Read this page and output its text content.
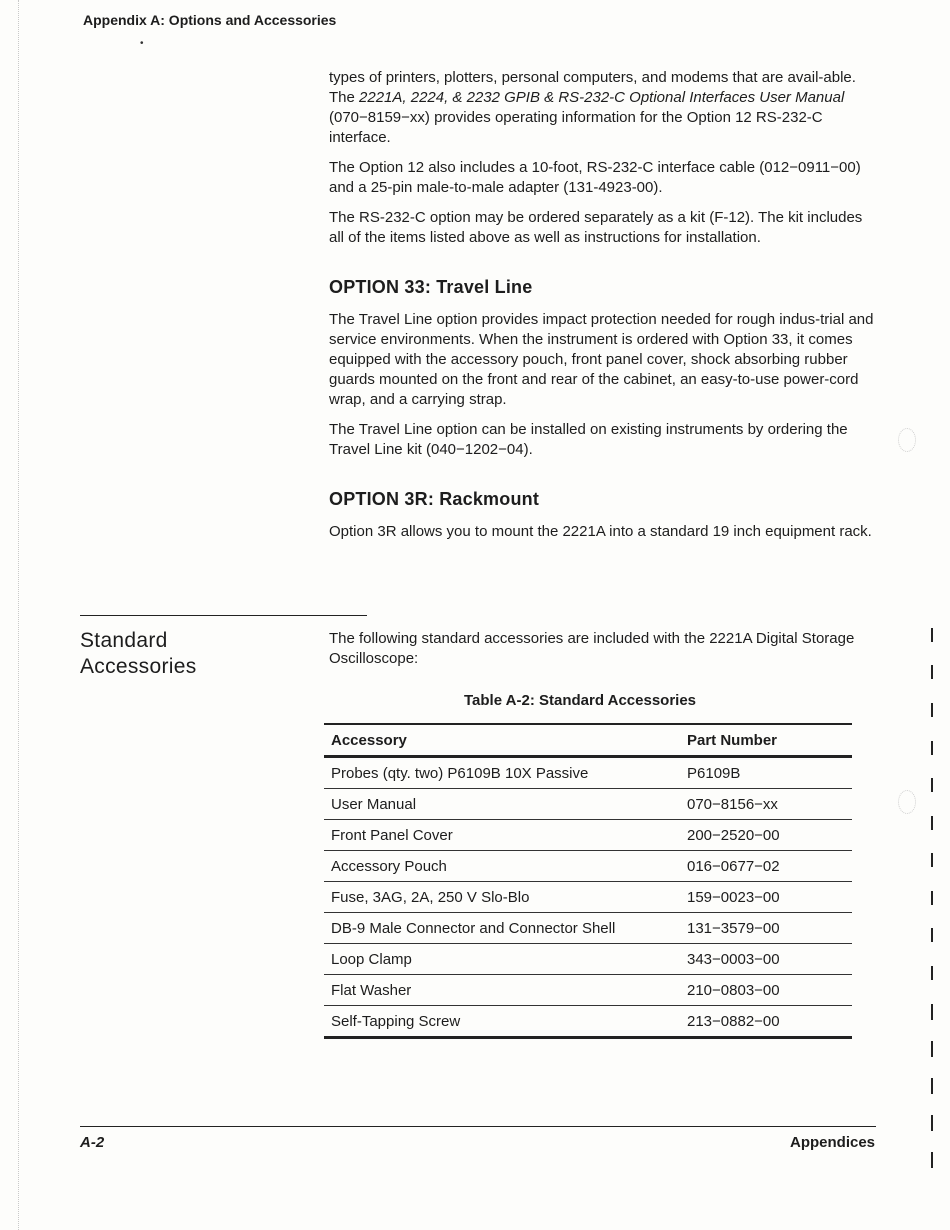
Appendix A: Options and Accessories
•

types of printers, plotters, personal computers, and modems that are avail-able. The 2221A, 2224, & 2232 GPIB & RS-232-C Optional Interfaces User Manual (070−8159−xx) provides operating information for the Option 12 RS-232-C interface.

The Option 12 also includes a 10-foot, RS-232-C interface cable (012−0911−00) and a 25-pin male-to-male adapter (131-4923-00).

The RS-232-C option may be ordered separately as a kit (F-12). The kit includes all of the items listed above as well as instructions for installation.

OPTION 33: Travel Line

The Travel Line option provides impact protection needed for rough indus-trial and service environments. When the instrument is ordered with Option 33, it comes equipped with the accessory pouch, front panel cover, shock absorbing rubber guards mounted on the front and rear of the cabinet, an easy-to-use power-cord wrap, and a carrying strap.

The Travel Line option can be installed on existing instruments by ordering the Travel Line kit (040−1202−04).

OPTION 3R: Rackmount

Option 3R allows you to mount the 2221A into a standard 19 inch equipment rack.

Standard Accessories

The following standard accessories are included with the 2221A Digital Storage Oscilloscope:

Table A-2: Standard Accessories
Accessory	Part Number
Probes (qty. two) P6109B 10X Passive	P6109B
User Manual	070−8156−xx
Front Panel Cover	200−2520−00
Accessory Pouch	016−0677−02
Fuse, 3AG, 2A, 250 V Slo-Blo	159−0023−00
DB-9 Male Connector and Connector Shell	131−3579−00
Loop Clamp	343−0003−00
Flat Washer	210−0803−00
Self-Tapping Screw	213−0882−00
A-2	Appendices
